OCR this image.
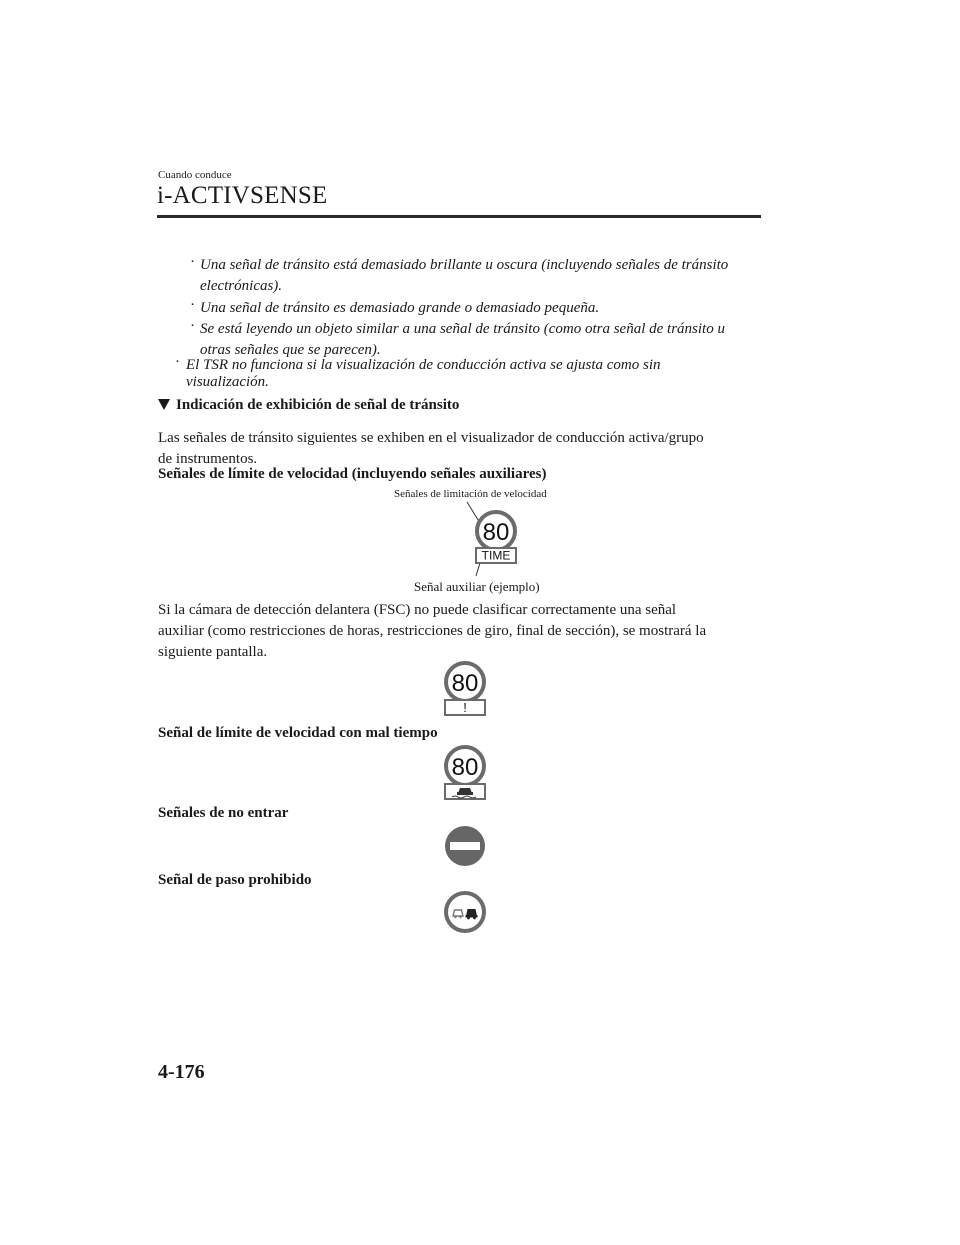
Cuando conduce
i-ACTIVSENSE
· Una señal de tránsito está demasiado brillante u oscura (incluyendo señales de tránsito
electrónicas).
· Una señal de tránsito es demasiado grande o demasiado pequeña.
· Se está leyendo un objeto similar a una señal de tránsito (como otra señal de tránsito u
otras señales que se parecen).
· El TSR no funciona si la visualización de conducción activa se ajusta como sin
visualización.
Indicación de exhibición de señal de tránsito
Las señales de tránsito siguientes se exhiben en el visualizador de conducción activa/grupo
de instrumentos.
Señales de límite de velocidad (incluyendo señales auxiliares)
Señales de limitación de velocidad
80
TIME
Señal auxiliar (ejemplo)
Si la cámara de detección delantera (FSC) no puede clasificar correctamente una señal
auxiliar (como restricciones de horas, restricciones de giro, final de sección), se mostrará la
siguiente pantalla.
80
!
Señal de límite de velocidad con mal tiempo
80
Señales de no entrar
Señal de paso prohibido
4-176
